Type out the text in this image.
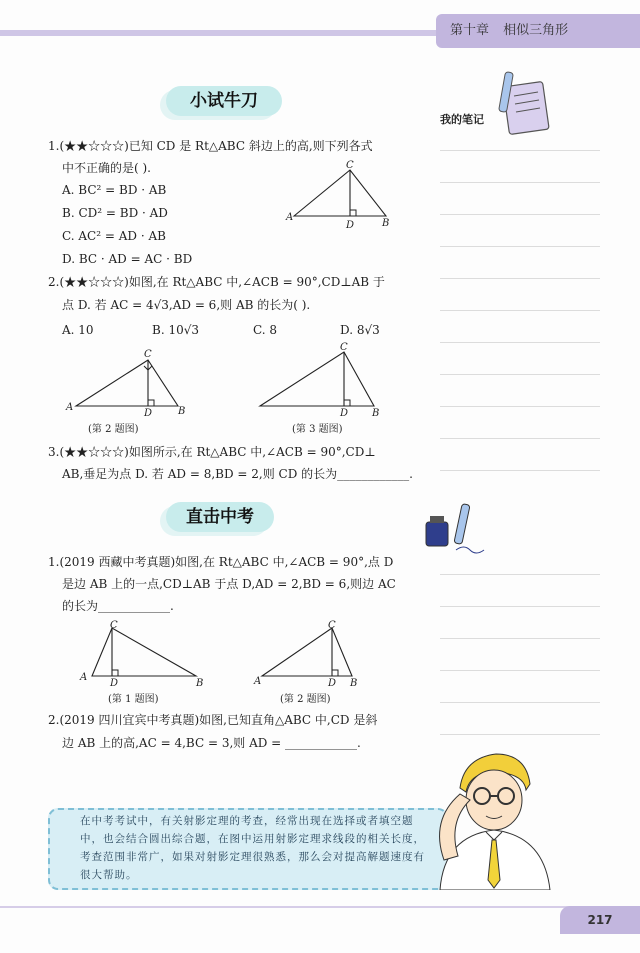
第十章 相似三角形
我的笔记
小试牛刀
1.(★★☆☆☆)已知 CD 是 Rt△ABC 斜边上的高,则下列各式
中不正确的是( ).
A. BC² = BD · AB
B. CD² = BD · AD
C. AC² = AD · AB
D. BC · AD = AC · BD
A
C
D	B
2.(★★☆☆☆)如图,在 Rt△ABC 中,∠ACB = 90°,CD⊥AB 于
点 D. 若 AC = 4√3,AD = 6,则 AB 的长为( ).
A. 10	B. 10√3	C. 8	D. 8√3
A
C
D	B
(第 2 题图)
C
D B
(第 3 题图)
3.(★★☆☆☆)如图所示,在 Rt△ABC 中,∠ACB = 90°,CD⊥
AB,垂足为点 D. 若 AD = 8,BD = 2,则 CD 的长为____________.
直击中考
1.(2019 西藏中考真题)如图,在 Rt△ABC 中,∠ACB = 90°,点 D
是边 AB 上的一点,CD⊥AB 于点 D,AD = 2,BD = 6,则边 AC
的长为____________.
A
C
D	B
(第 1 题图)
A
C
D B
(第 2 题图)
2.(2019 四川宜宾中考真题)如图,已知直角△ABC 中,CD 是斜
边 AB 上的高,AC = 4,BC = 3,则 AD = ____________.
在中考考试中，有关射影定理的考查，经常出现在选择或者填空题中，也会结合圆出综合题，在图中运用射影定理求线段的相关长度，考查范围非常广，如果对射影定理很熟悉，那么会对提高解题速度有很大帮助。
217
